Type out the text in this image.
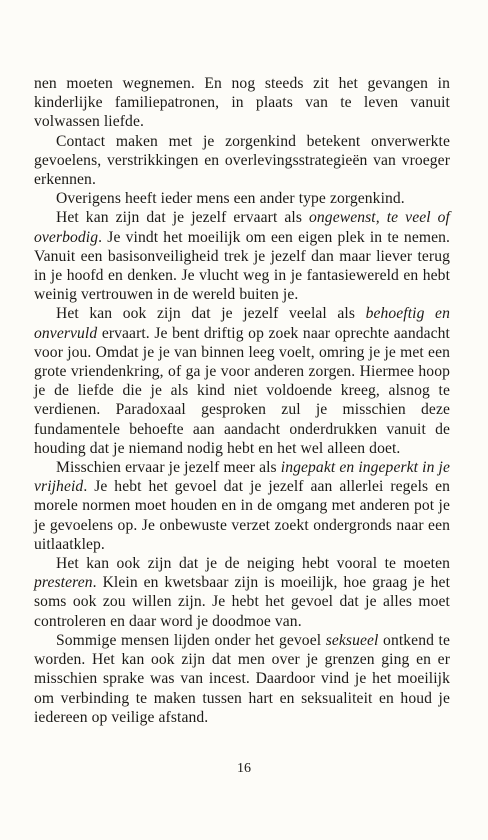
nen moeten wegnemen. En nog steeds zit het gevangen in kinderlijke familiepatronen, in plaats van te leven vanuit volwassen liefde.

Contact maken met je zorgenkind betekent onverwerkte gevoelens, verstrikkingen en overlevingsstrategieën van vroeger erkennen.

Overigens heeft ieder mens een ander type zorgenkind.

Het kan zijn dat je jezelf ervaart als ongewenst, te veel of overbodig. Je vindt het moeilijk om een eigen plek in te nemen. Vanuit een basisonveiligheid trek je jezelf dan maar liever terug in je hoofd en denken. Je vlucht weg in je fantasiewereld en hebt weinig vertrouwen in de wereld buiten je.

Het kan ook zijn dat je jezelf veelal als behoeftig en onvervuld ervaart. Je bent driftig op zoek naar oprechte aandacht voor jou. Omdat je je van binnen leeg voelt, omring je je met een grote vriendenkring, of ga je voor anderen zorgen. Hiermee hoop je de liefde die je als kind niet voldoende kreeg, alsnog te verdienen. Paradoxaal gesproken zul je misschien deze fundamentele behoefte aan aandacht onderdrukken vanuit de houding dat je niemand nodig hebt en het wel alleen doet.

Misschien ervaar je jezelf meer als ingepakt en ingeperkt in je vrijheid. Je hebt het gevoel dat je jezelf aan allerlei regels en morele normen moet houden en in de omgang met anderen pot je je gevoelens op. Je onbewuste verzet zoekt ondergronds naar een uitlaatklep.

Het kan ook zijn dat je de neiging hebt vooral te moeten presteren. Klein en kwetsbaar zijn is moeilijk, hoe graag je het soms ook zou willen zijn. Je hebt het gevoel dat je alles moet controleren en daar word je doodmoe van.

Sommige mensen lijden onder het gevoel seksueel ontkend te worden. Het kan ook zijn dat men over je grenzen ging en er misschien sprake was van incest. Daardoor vind je het moeilijk om verbinding te maken tussen hart en seksualiteit en houd je iedereen op veilige afstand.

16
